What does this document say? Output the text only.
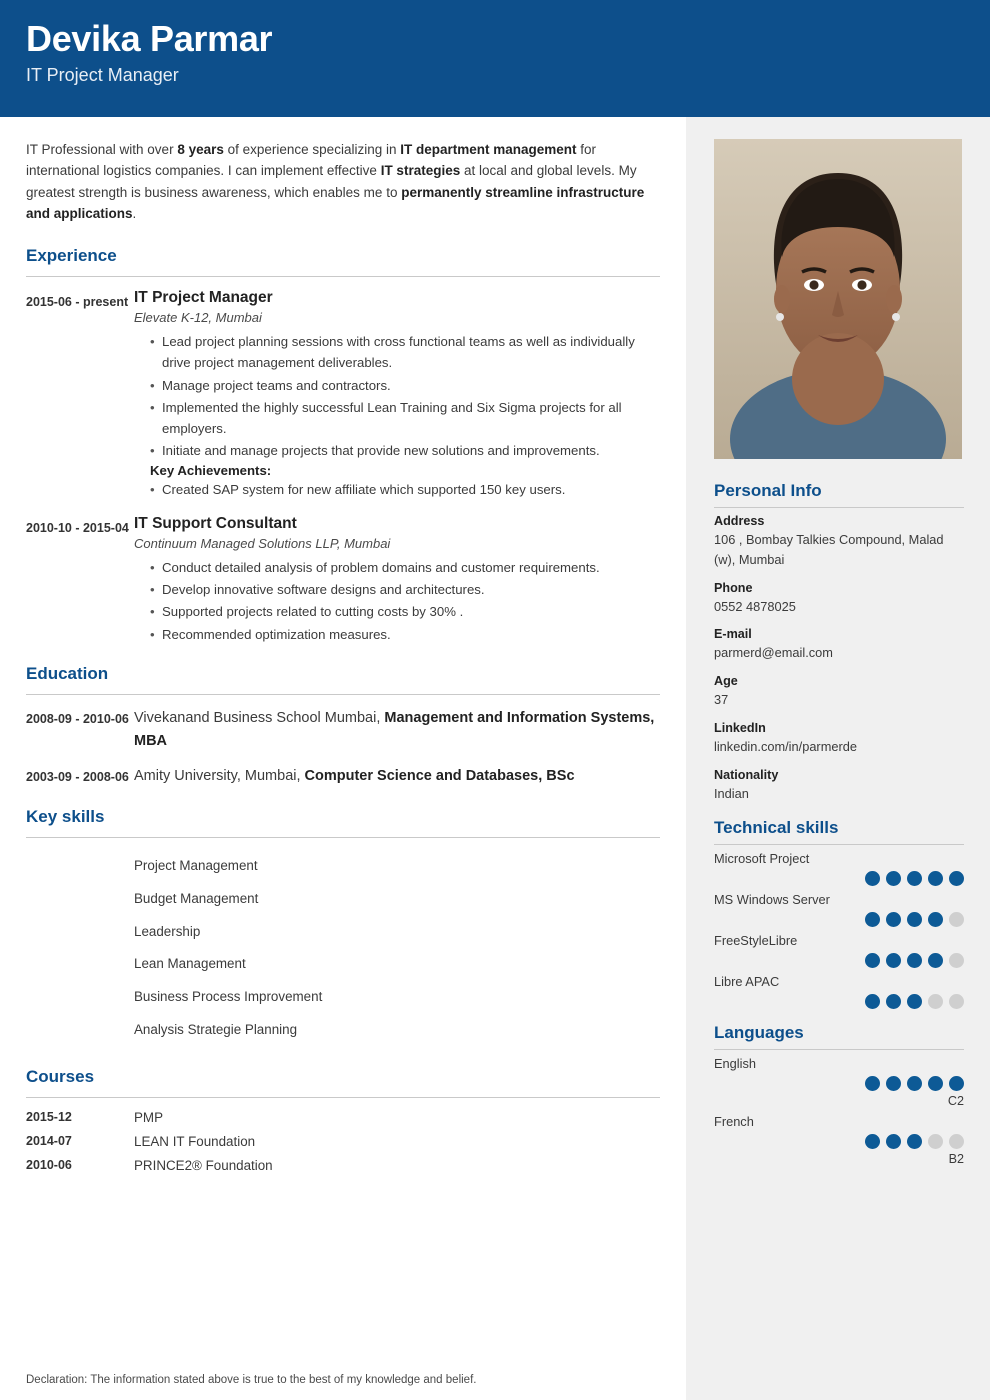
Devika Parmar
IT Project Manager
IT Professional with over 8 years of experience specializing in IT department management for international logistics companies. I can implement effective IT strategies at local and global levels. My greatest strength is business awareness, which enables me to permanently streamline infrastructure and applications.
Experience
2015-06 - present IT Project Manager
Elevate K-12, Mumbai
• Lead project planning sessions with cross functional teams as well as individually drive project management deliverables.
• Manage project teams and contractors.
• Implemented the highly successful Lean Training and Six Sigma projects for all employers.
• Initiate and manage projects that provide new solutions and improvements.
Key Achievements:
• Created SAP system for new affiliate which supported 150 key users.
2010-10 - 2015-04 IT Support Consultant
Continuum Managed Solutions LLP, Mumbai
• Conduct detailed analysis of problem domains and customer requirements.
• Develop innovative software designs and architectures.
• Supported projects related to cutting costs by 30% .
• Recommended optimization measures.
Education
2008-09 - 2010-06 Vivekanand Business School Mumbai, Management and Information Systems, MBA
2003-09 - 2008-06 Amity University, Mumbai, Computer Science and Databases, BSc
Key skills
Project Management
Budget Management
Leadership
Lean Management
Business Process Improvement
Analysis Strategie Planning
Courses
2015-12	PMP
2014-07	LEAN IT Foundation
2010-06	PRINCE2® Foundation
Declaration: The information stated above is true to the best of my knowledge and belief.
Personal Info
Address
106 , Bombay Talkies Compound, Malad (w), Mumbai
Phone
0552 4878025
E-mail
parmerd@email.com
Age
37
LinkedIn
linkedin.com/in/parmerde
Nationality
Indian
Technical skills
Microsoft Project
MS Windows Server
FreeStyleLibre
Libre APAC
Languages
English
C2
French
B2
